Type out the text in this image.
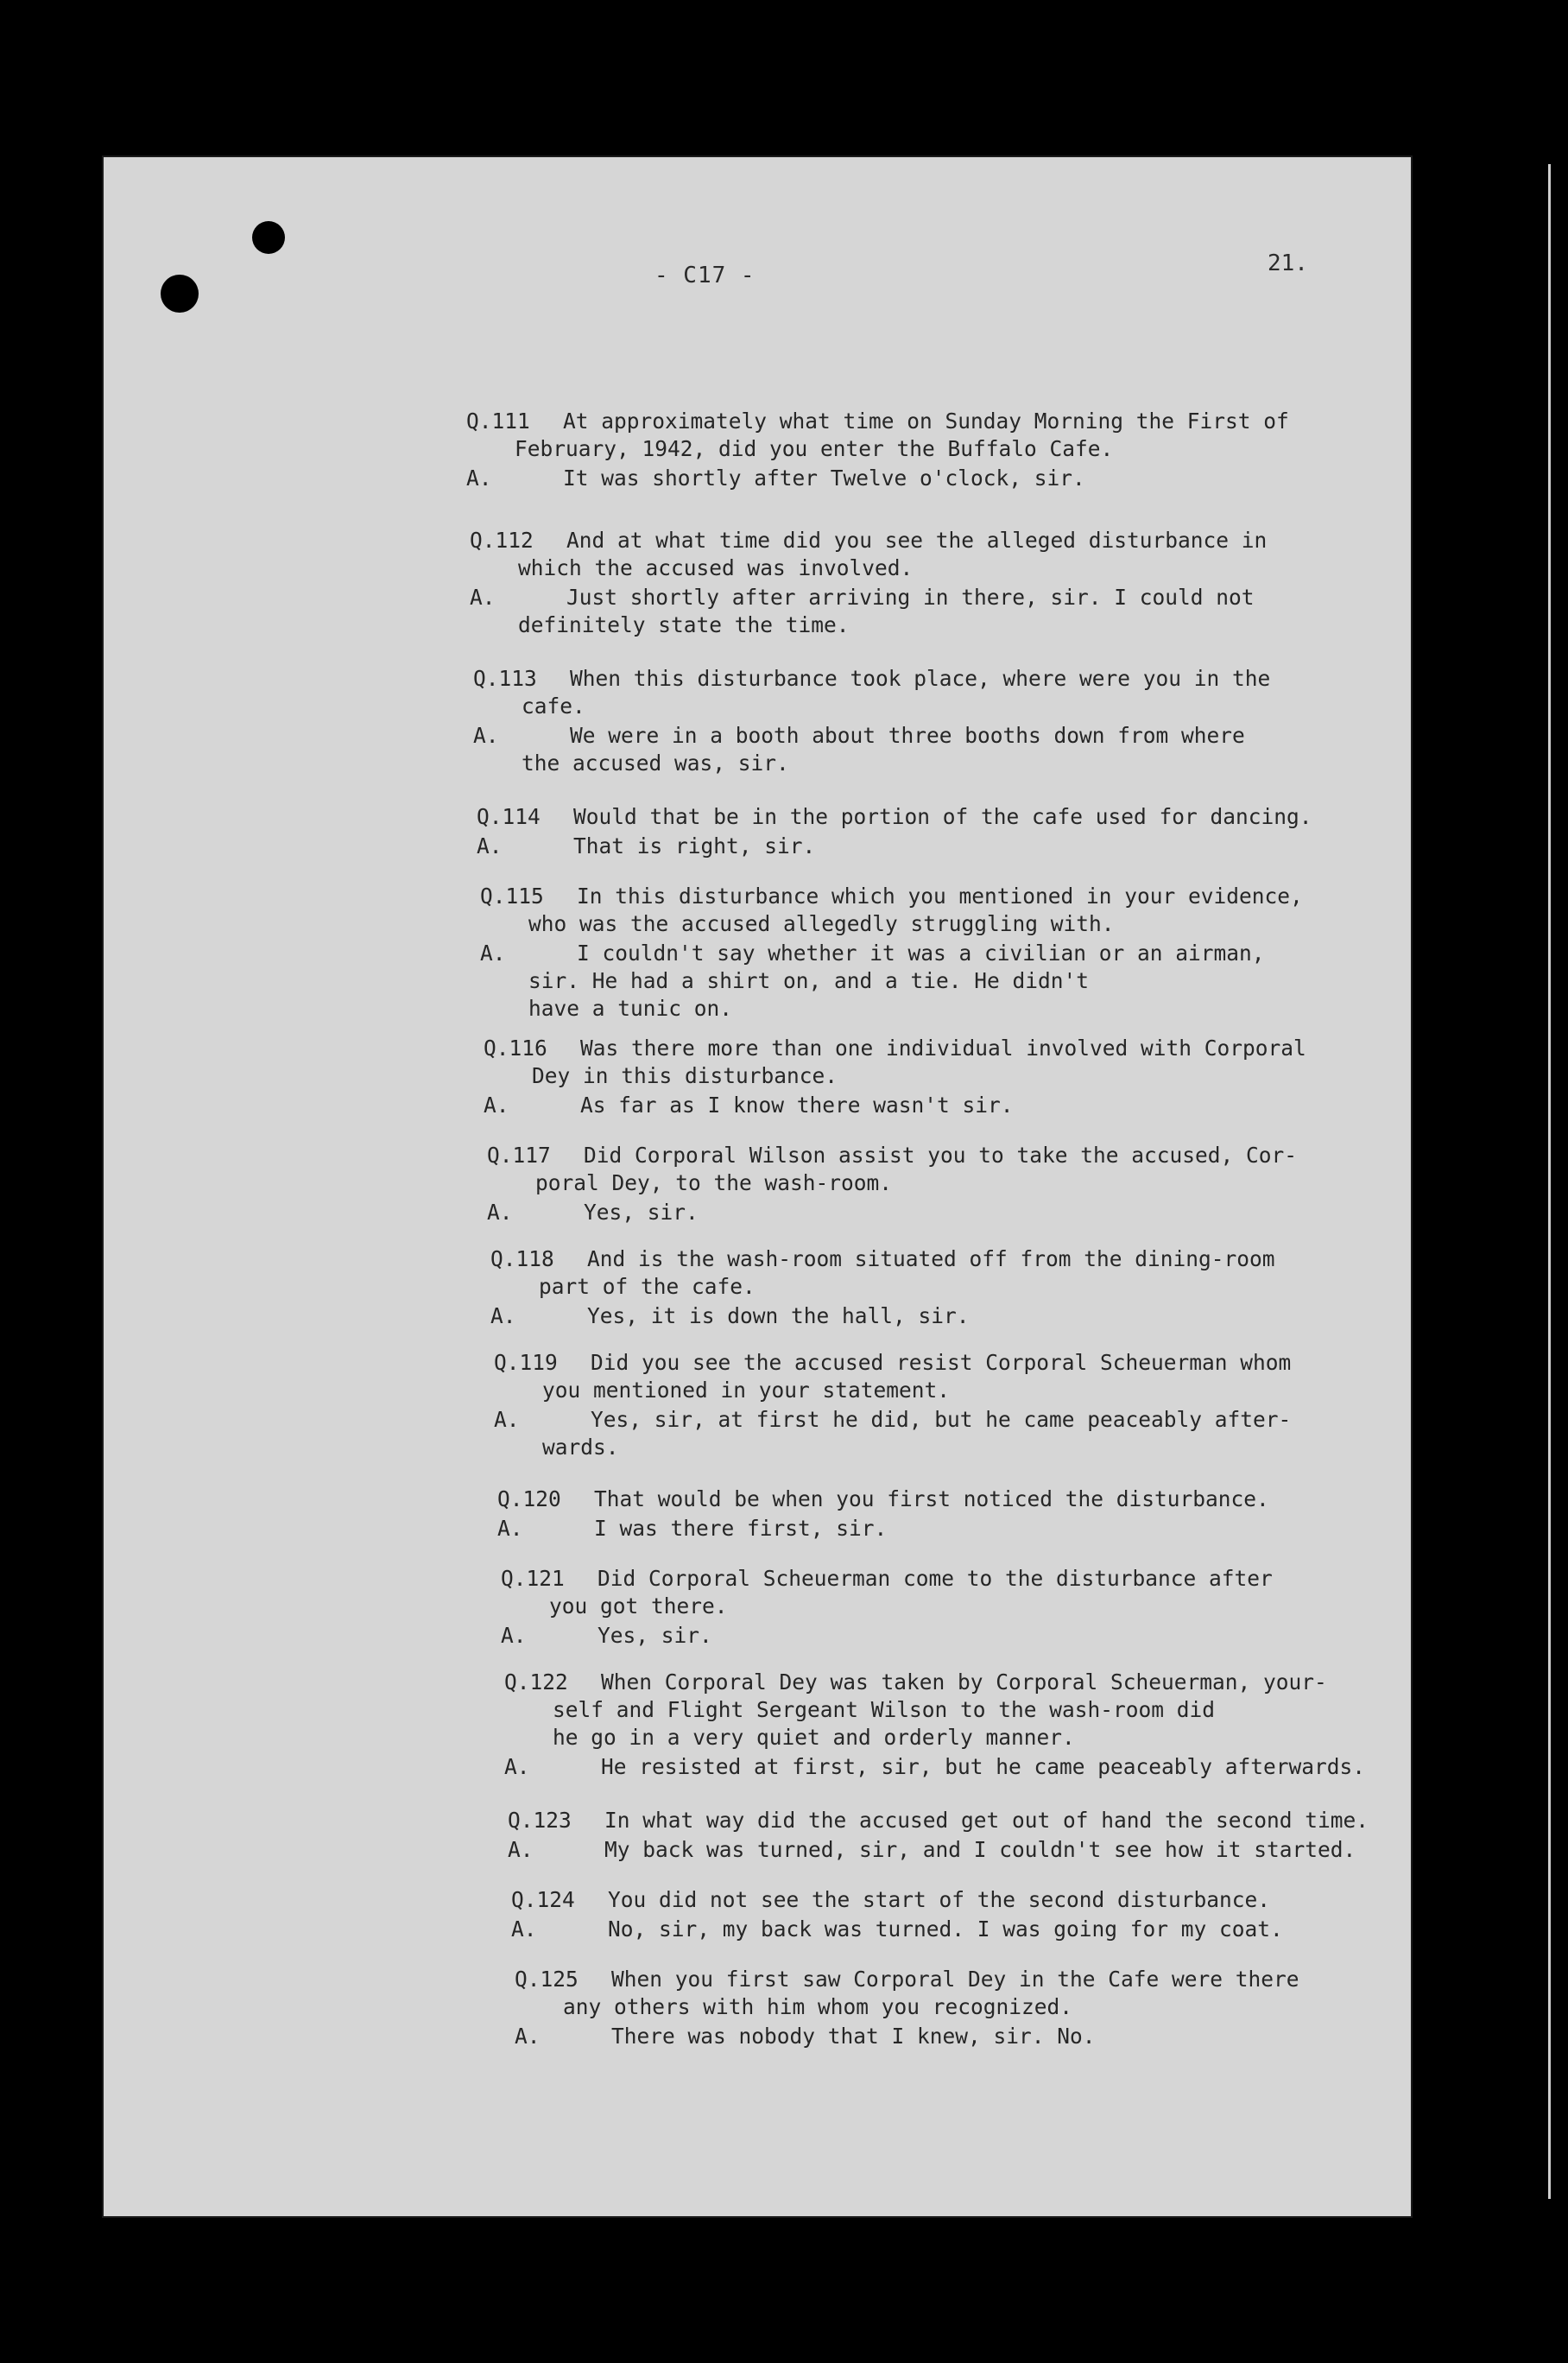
- C17 -	21.

Q.111 At approximately what time on Sunday Morning the First of

February, 1942, did you enter the Buffalo Cafe.

A.	It was shortly after Twelve o'clock, sir.

Q.112 And at what time did you see the alleged disturbance in

which the accused was involved.

A.	Just shortly after arriving in there, sir. I could not

definitely state the time.

Q.113 When this disturbance took place, where were you in the

cafe.

A.	We were in a booth about three booths down from where

the accused was, sir.

Q.114 Would that be in the portion of the cafe used for dancing.

A.	That is right, sir.

Q.115 In this disturbance which you mentioned in your evidence,

who was the accused allegedly struggling with.

A.	I couldn't say whether it was a civilian or an airman,

sir. He had a shirt on, and a tie. He didn't
have a tunic on.

Q.116 Was there more than one individual involved with Corporal

Dey in this disturbance.

A.	As far as I know there wasn't sir.

Q.117 Did Corporal Wilson assist you to take the accused, Cor-

poral Dey, to the wash-room.

A.	Yes, sir.

Q.118 And is the wash-room situated off from the dining-room

part of the cafe.

A.	Yes, it is down the hall, sir.

Q.119 Did you see the accused resist Corporal Scheuerman whom

you mentioned in your statement.

A.	Yes, sir, at first he did, but he came peaceably after-

wards.

Q.120 That would be when you first noticed the disturbance.

A.	I was there first, sir.

Q.121 Did Corporal Scheuerman come to the disturbance after

you got there.

A.	Yes, sir.

Q.122 When Corporal Dey was taken by Corporal Scheuerman, your-

self and Flight Sergeant Wilson to the wash-room did
he go in a very quiet and orderly manner.

A.	He resisted at first, sir, but he came peaceably afterwards.

Q.123 In what way did the accused get out of hand the second time.

A.	My back was turned, sir, and I couldn't see how it started.

Q.124 You did not see the start of the second disturbance.

A.	No, sir, my back was turned. I was going for my coat.

Q.125 When you first saw Corporal Dey in the Cafe were there

any others with him whom you recognized.

A.	There was nobody that I knew, sir. No.
